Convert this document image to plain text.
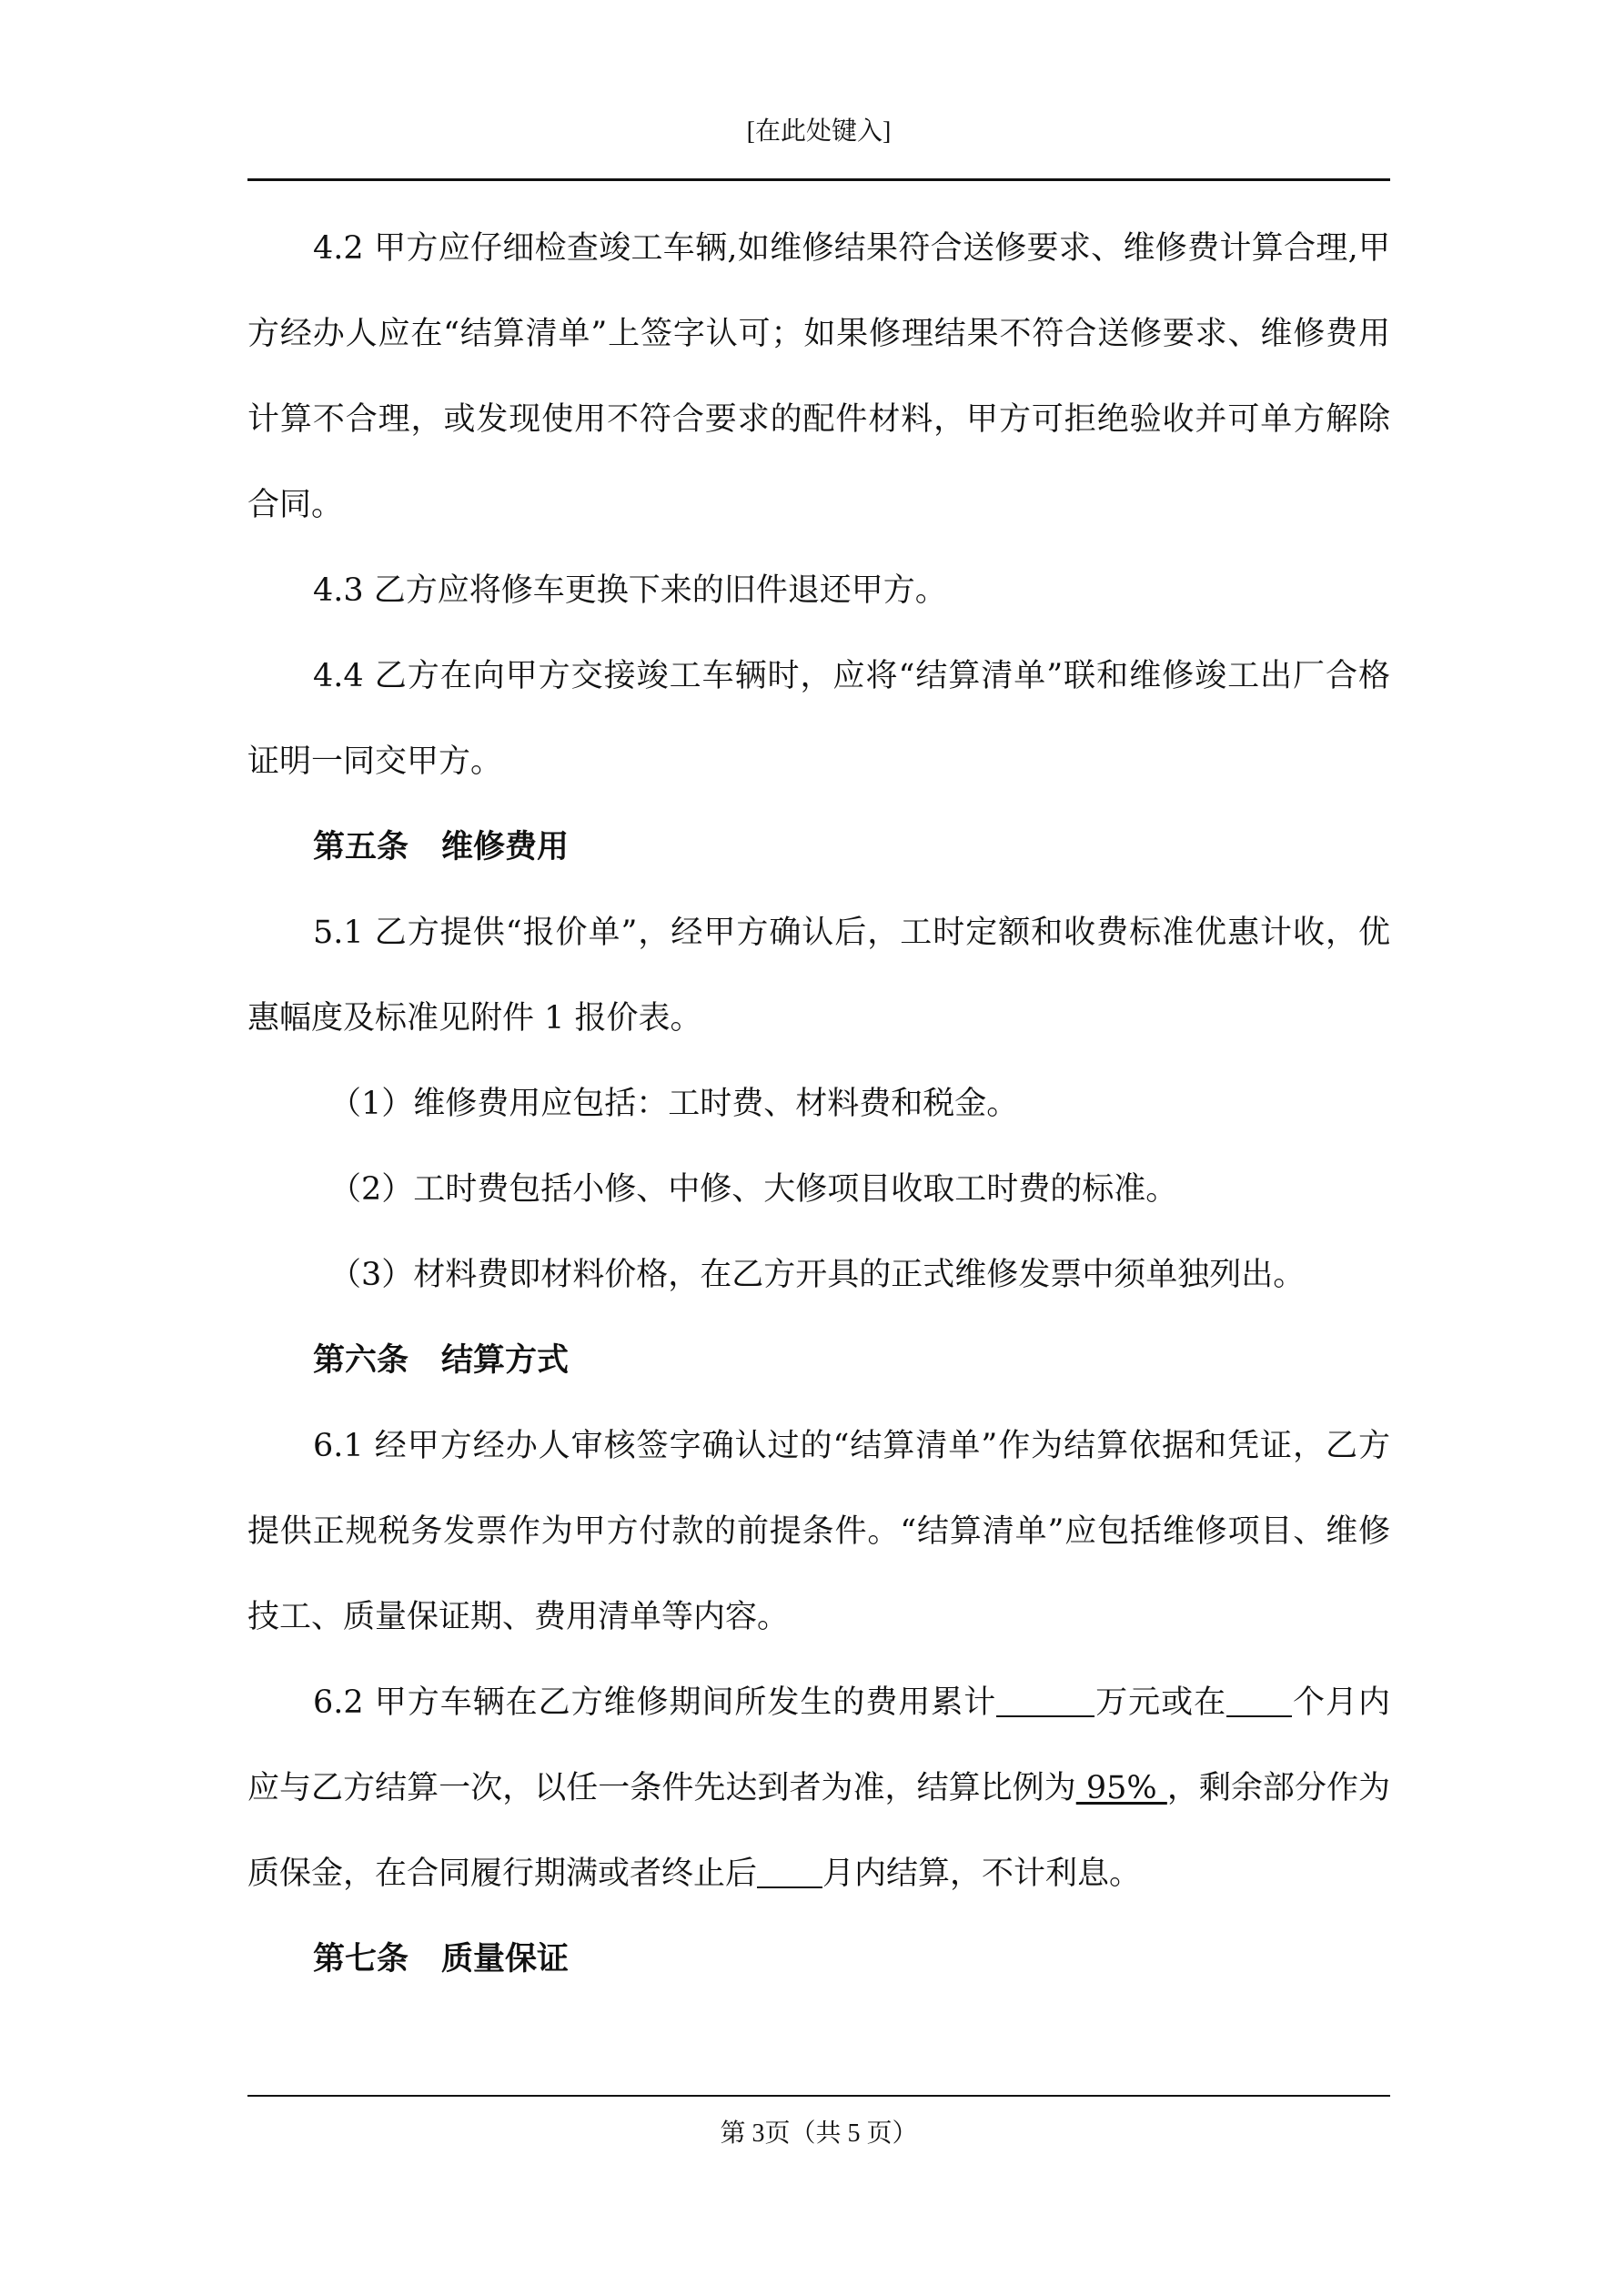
[在此处键入]

4.2 甲方应仔细检查竣工车辆,如维修结果符合送修要求、维修费计算合理,甲方经办人应在“结算清单”上签字认可；如果修理结果不符合送修要求、维修费用计算不合理，或发现使用不符合要求的配件材料，甲方可拒绝验收并可单方解除合同。

4.3 乙方应将修车更换下来的旧件退还甲方。

4.4 乙方在向甲方交接竣工车辆时，应将“结算清单”联和维修竣工出厂合格证明一同交甲方。

第五条 维修费用

5.1 乙方提供“报价单”，经甲方确认后，工时定额和收费标准优惠计收，优惠幅度及标准见附件 1 报价表。

（1）维修费用应包括：工时费、材料费和税金。

（2）工时费包括小修、中修、大修项目收取工时费的标准。

（3）材料费即材料价格，在乙方开具的正式维修发票中须单独列出。

第六条 结算方式

6.1 经甲方经办人审核签字确认过的“结算清单”作为结算依据和凭证，乙方提供正规税务发票作为甲方付款的前提条件。“结算清单”应包括维修项目、维修技工、质量保证期、费用清单等内容。

6.2 甲方车辆在乙方维修期间所发生的费用累计	万元或在 个月内应与乙方结算一次，以任一条件先达到者为准，结算比例为 95% ，剩余部分作为质保金，在合同履行期满或者终止后 月内结算，不计利息。

第七条 质量保证

第 3页（共 5 页）
